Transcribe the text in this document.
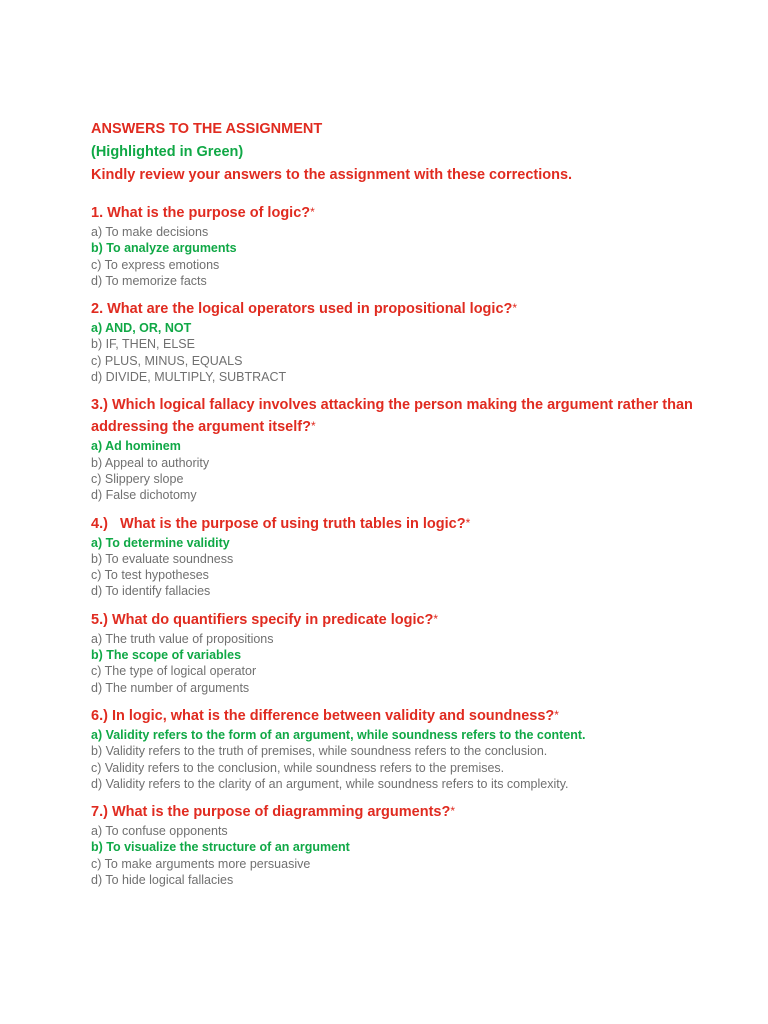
ANSWERS TO THE ASSIGNMENT
(Highlighted in Green)
Kindly review your answers to the assignment with these corrections.
1. What is the purpose of logic?*
a) To make decisions
b) To analyze arguments
c) To express emotions
d) To memorize facts
2. What are the logical operators used in propositional logic?*
a) AND, OR, NOT
b) IF, THEN, ELSE
c) PLUS, MINUS, EQUALS
d) DIVIDE, MULTIPLY, SUBTRACT
3.) Which logical fallacy involves attacking the person making the argument rather than addressing the argument itself?*
a) Ad hominem
b) Appeal to authority
c) Slippery slope
d) False dichotomy
4.)   What is the purpose of using truth tables in logic?*
a) To determine validity
b) To evaluate soundness
c) To test hypotheses
d) To identify fallacies
5.) What do quantifiers specify in predicate logic?*
a) The truth value of propositions
b) The scope of variables
c) The type of logical operator
d) The number of arguments
6.) In logic, what is the difference between validity and soundness?*
a) Validity refers to the form of an argument, while soundness refers to the content.
b) Validity refers to the truth of premises, while soundness refers to the conclusion.
c) Validity refers to the conclusion, while soundness refers to the premises.
d) Validity refers to the clarity of an argument, while soundness refers to its complexity.
7.) What is the purpose of diagramming arguments?*
a) To confuse opponents
b) To visualize the structure of an argument
c) To make arguments more persuasive
d) To hide logical fallacies
